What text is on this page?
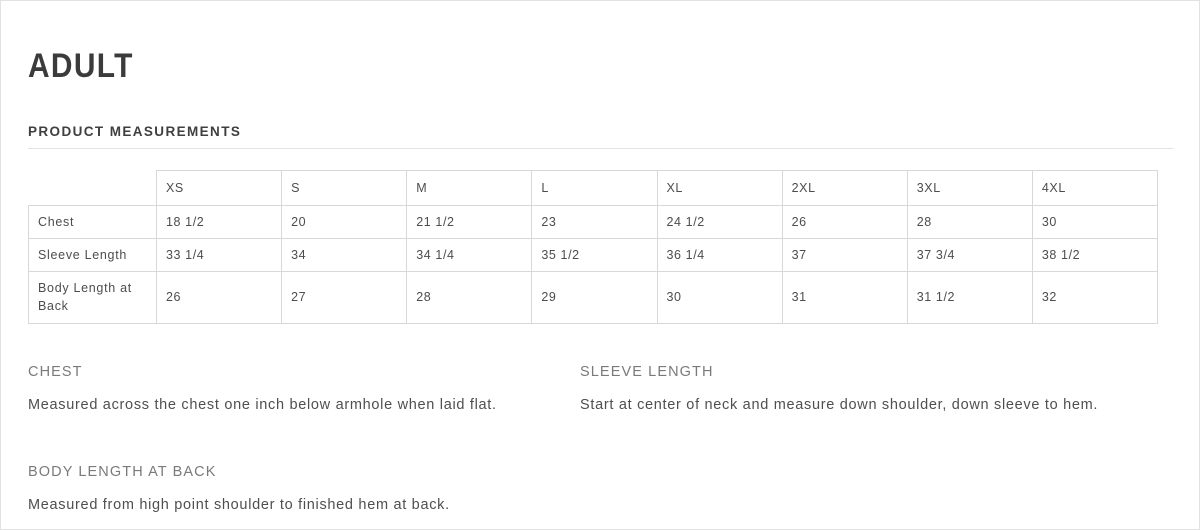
ADULT
PRODUCT MEASUREMENTS
	XS	S	M	L	XL	2XL	3XL	4XL
Chest	18 1/2	20	21 1/2	23	24 1/2	26	28	30
Sleeve Length	33 1/4	34	34 1/4	35 1/2	36 1/4	37	37 3/4	38 1/2
Body Length at Back	26	27	28	29	30	31	31 1/2	32
CHEST
Measured across the chest one inch below armhole when laid flat.
SLEEVE LENGTH
Start at center of neck and measure down shoulder, down sleeve to hem.
BODY LENGTH AT BACK
Measured from high point shoulder to finished hem at back.
